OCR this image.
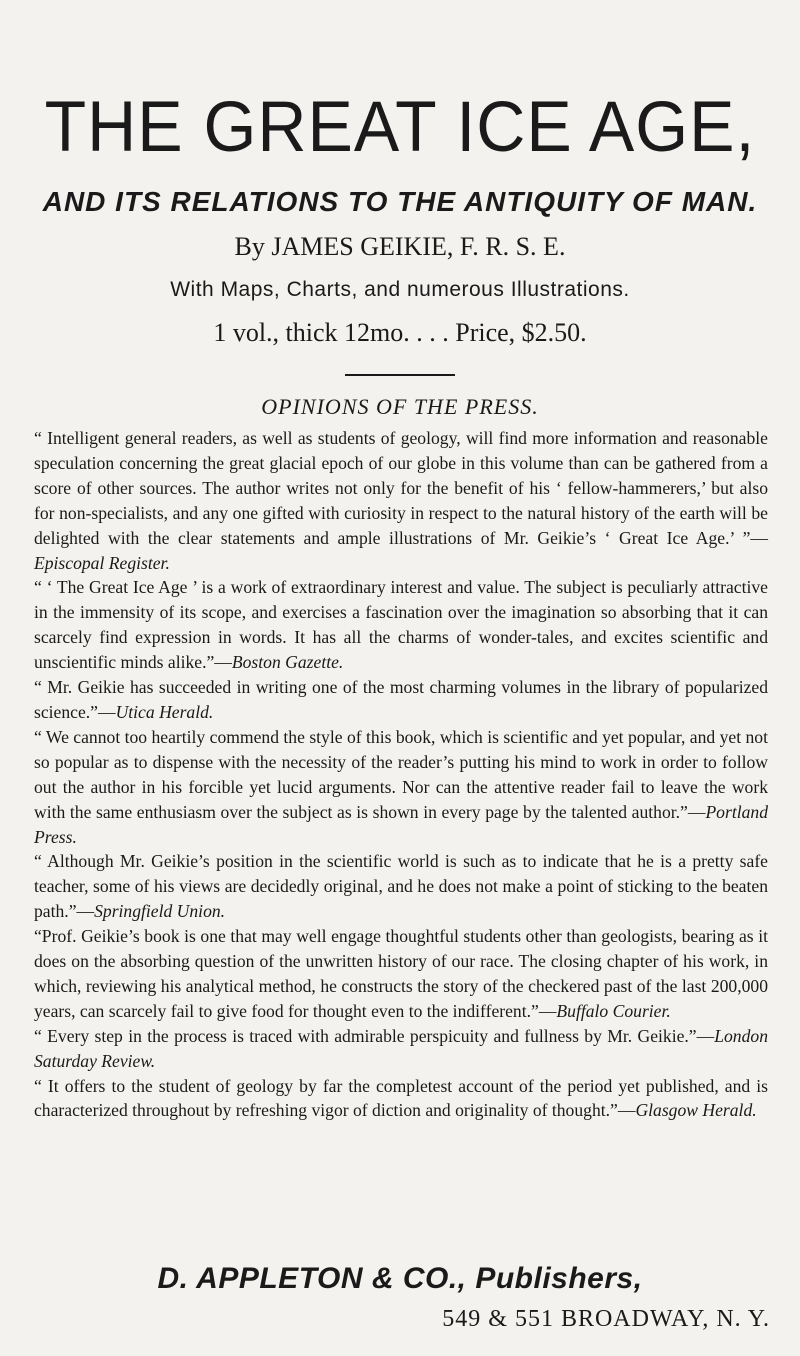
THE GREAT ICE AGE,
AND ITS RELATIONS TO THE ANTIQUITY OF MAN.
By JAMES GEIKIE, F. R. S. E.
With Maps, Charts, and numerous Illustrations.
1 vol., thick 12mo. . . . Price, $2.50.
OPINIONS OF THE PRESS.

“ Intelligent general readers, as well as students of geology, will find more information and reasonable speculation concerning the great glacial epoch of our globe in this volume than can be gathered from a score of other sources. The author writes not only for the benefit of his ‘ fellow-hammerers,’ but also for non-specialists, and any one gifted with curiosity in respect to the natural history of the earth will be delighted with the clear statements and ample illustrations of Mr. Geikie’s ‘ Great Ice Age.’ ”—Episcopal Register.

“ ‘ The Great Ice Age ’ is a work of extraordinary interest and value. The subject is peculiarly attractive in the immensity of its scope, and exercises a fascination over the imagination so absorbing that it can scarcely find expression in words. It has all the charms of wonder-tales, and excites scientific and unscientific minds alike.”—Boston Gazette.

“ Mr. Geikie has succeeded in writing one of the most charming volumes in the library of popularized science.”—Utica Herald.

“ We cannot too heartily commend the style of this book, which is scientific and yet popular, and yet not so popular as to dispense with the necessity of the reader’s putting his mind to work in order to follow out the author in his forcible yet lucid arguments. Nor can the attentive reader fail to leave the work with the same enthusiasm over the subject as is shown in every page by the talented author.”—Portland Press.

“ Although Mr. Geikie’s position in the scientific world is such as to indicate that he is a pretty safe teacher, some of his views are decidedly original, and he does not make a point of sticking to the beaten path.”—Springfield Union.

“Prof. Geikie’s book is one that may well engage thoughtful students other than geologists, bearing as it does on the absorbing question of the unwritten history of our race. The closing chapter of his work, in which, reviewing his analytical method, he constructs the story of the checkered past of the last 200,000 years, can scarcely fail to give food for thought even to the indifferent.”—Buffalo Courier.

“ Every step in the process is traced with admirable perspicuity and fullness by Mr. Geikie.”—London Saturday Review.

“ It offers to the student of geology by far the completest account of the period yet published, and is characterized throughout by refreshing vigor of diction and originality of thought.”—Glasgow Herald.

D. APPLETON & CO., Publishers,
549 & 551 BROADWAY, N. Y.
